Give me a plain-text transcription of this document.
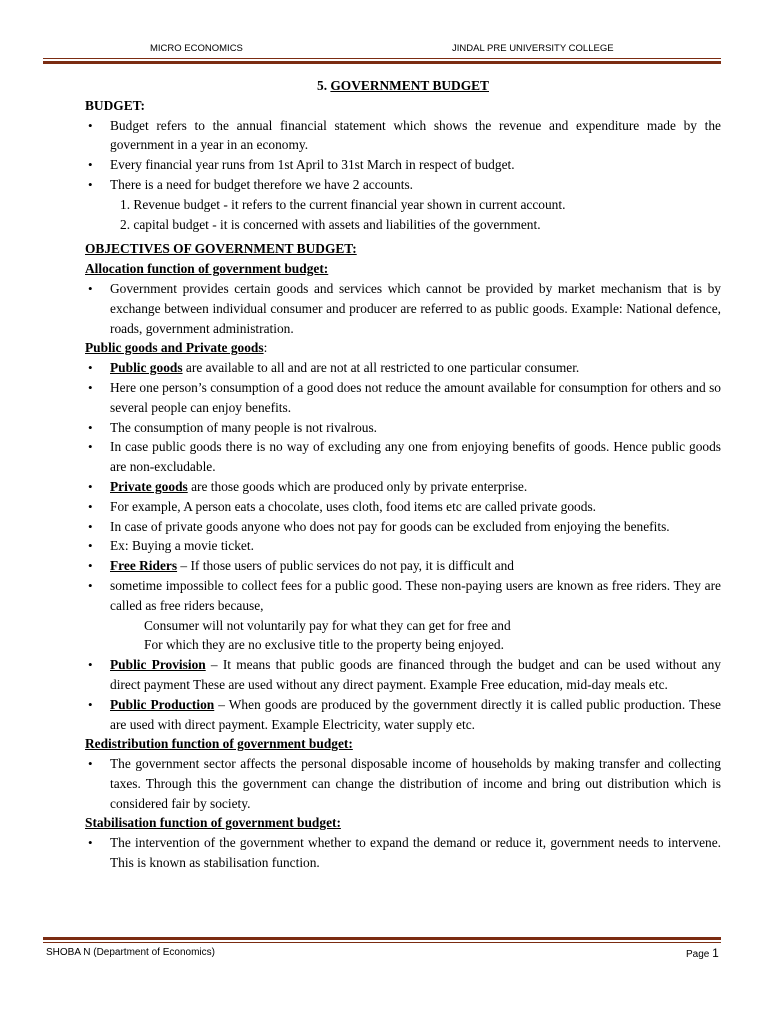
MICRO ECONOMICS	JINDAL PRE UNIVERSITY COLLEGE

5. GOVERNMENT BUDGET

BUDGET:

• Budget refers to the annual financial statement which shows the revenue and expenditure made by the government in a year in an economy.
• Every financial year runs from 1st April to 31st March in respect of budget.
• There is a need for budget therefore we have 2 accounts.

1. Revenue budget - it refers to the current financial year shown in current account.

2. capital budget - it is concerned with assets and liabilities of the government.

OBJECTIVES OF GOVERNMENT BUDGET:

Allocation function of government budget:

• Government provides certain goods and services which cannot be provided by market mechanism that is by exchange between individual consumer and producer are referred to as public goods. Example: National defence, roads, government administration.

Public goods and Private goods:

• Public goods are available to all and are not at all restricted to one particular consumer.
• Here one person’s consumption of a good does not reduce the amount available for consumption for others and so several people can enjoy benefits.
• The consumption of many people is not rivalrous.
• In case public goods there is no way of excluding any one from enjoying benefits of goods. Hence public goods are non-excludable.
• Private goods are those goods which are produced only by private enterprise.
• For example, A person eats a chocolate, uses cloth, food items etc are called private goods.
• In case of private goods anyone who does not pay for goods can be excluded from enjoying the benefits.
• Ex: Buying a movie ticket.
• Free Riders – If those users of public services do not pay, it is difficult and
• sometime impossible to collect fees for a public good. These non-paying users are known as free riders. They are called as free riders because,

Consumer will not voluntarily pay for what they can get for free and

For which they are no exclusive title to the property being enjoyed.

• Public Provision – It means that public goods are financed through the budget and can be used without any direct payment These are used without any direct payment. Example Free education, mid-day meals etc.
• Public Production – When goods are produced by the government directly it is called public production. These are used with direct payment. Example Electricity, water supply etc.

Redistribution function of government budget:

• The government sector affects the personal disposable income of households by making transfer and collecting taxes. Through this the government can change the distribution of income and bring out distribution which is considered fair by society.

Stabilisation function of government budget:

• The intervention of the government whether to expand the demand or reduce it, government needs to intervene. This is known as stabilisation function.
SHOBA N (Department of Economics)	Page 1
